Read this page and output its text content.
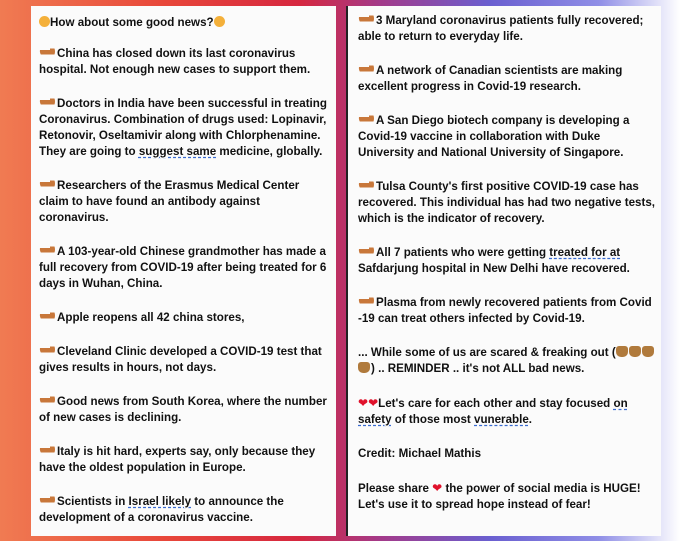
How about some good news?

China has closed down its last coronavirus hospital. Not enough new cases to support them.

Doctors in India have been successful in treating Coronavirus. Combination of drugs used: Lopinavir, Retonovir, Oseltamivir along with Chlorphenamine. They are going to suggest same medicine, globally.

Researchers of the Erasmus Medical Center claim to have found an antibody against coronavirus.

A 103-year-old Chinese grandmother has made a full recovery from COVID-19 after being treated for 6 days in Wuhan, China.

Apple reopens all 42 china stores,

Cleveland Clinic developed a COVID-19 test that gives results in hours, not days.

Good news from South Korea, where the number of new cases is declining.

Italy is hit hard, experts say, only because they have the oldest population in Europe.

Scientists in Israel likely to announce the development of a coronavirus vaccine.

3 Maryland coronavirus patients fully recovered; able to return to everyday life.

A network of Canadian scientists are making excellent progress in Covid-19 research.

A San Diego biotech company is developing a Covid-19 vaccine in collaboration with Duke University and National University of Singapore.

Tulsa County's first positive COVID-19 case has recovered. This individual has had two negative tests, which is the indicator of recovery.

All 7 patients who were getting treated for at Safdarjung hospital in New Delhi have recovered.

Plasma from newly recovered patients from Covid -19 can treat others infected by Covid-19.

... While some of us are scared & freaking out () .. REMINDER .. it's not ALL bad news.

❤❤Let's care for each other and stay focused on safety of those most vunerable.

Credit: Michael Mathis

Please share ❤ the power of social media is HUGE! Let's use it to spread hope instead of fear!
